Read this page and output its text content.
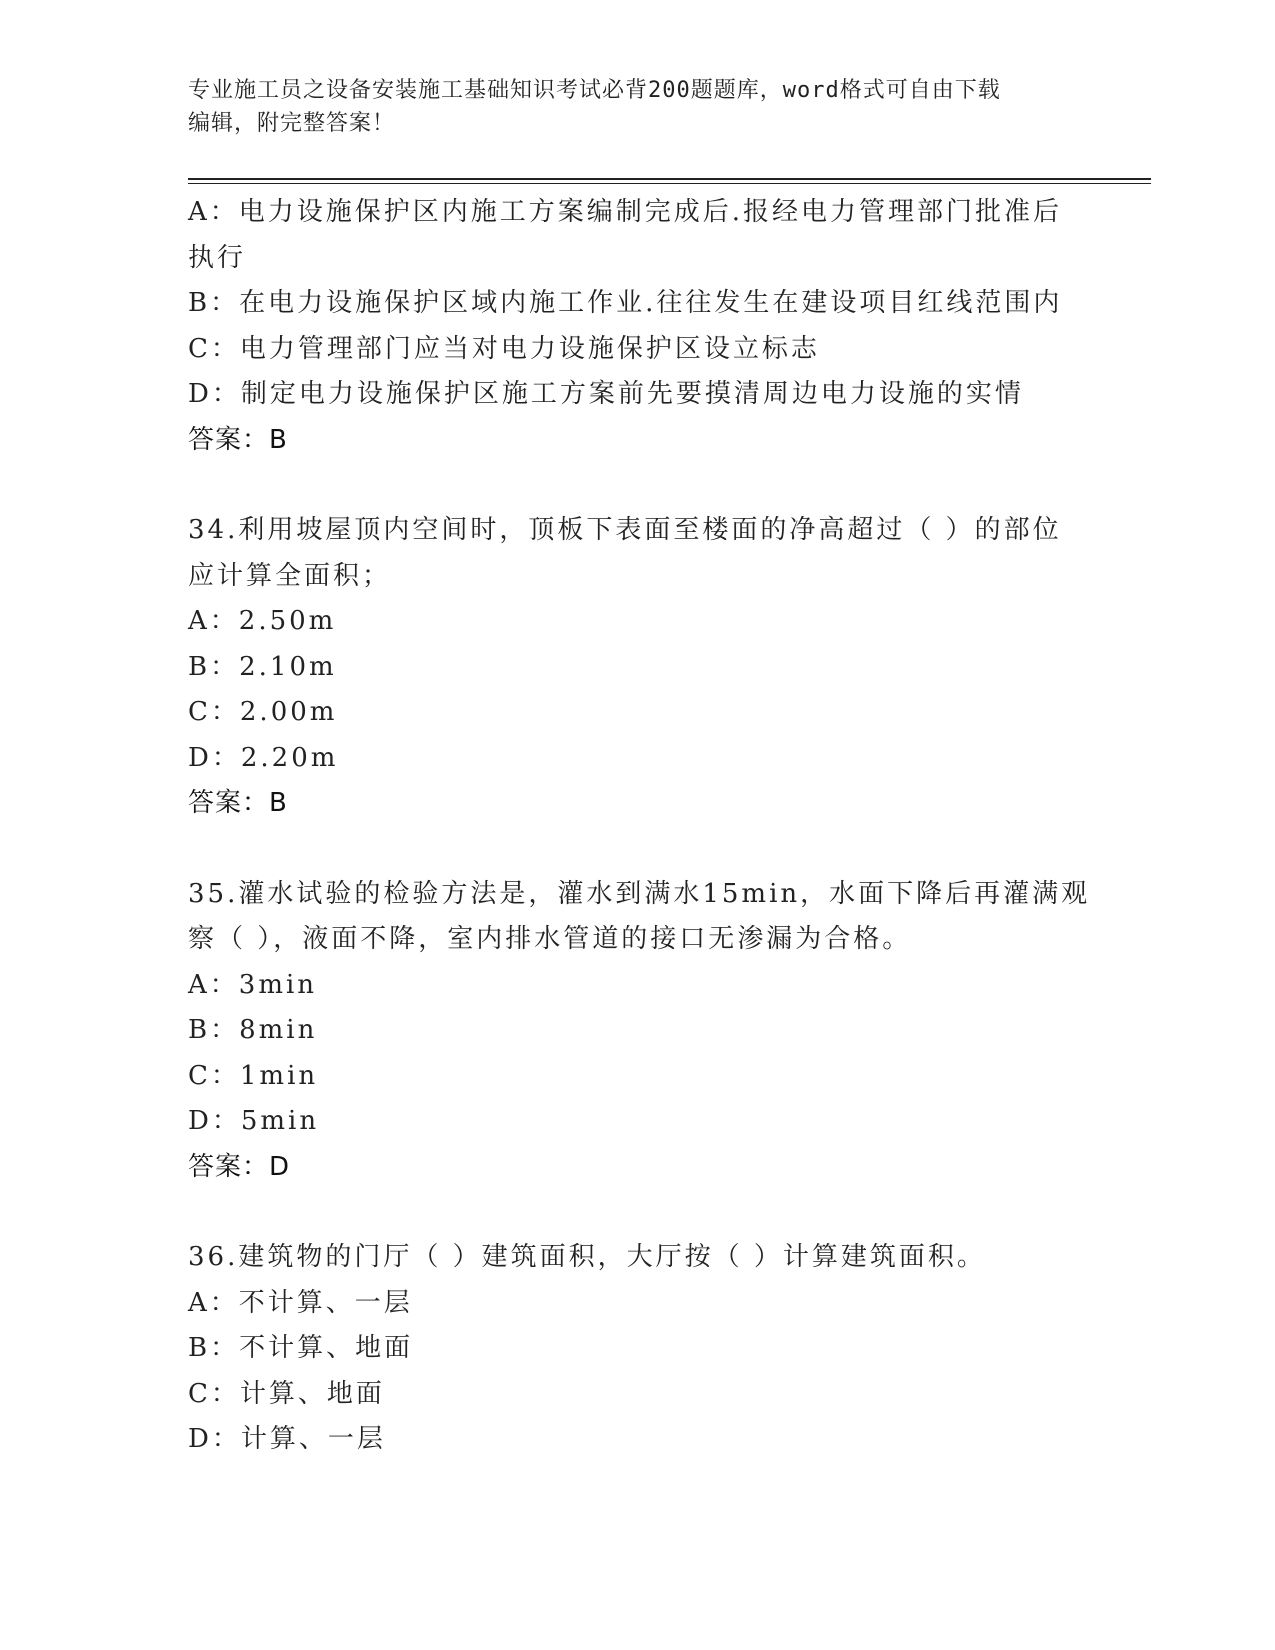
专业施工员之设备安装施工基础知识考试必背200题题库，word格式可自由下载
编辑，附完整答案！
A：电力设施保护区内施工方案编制完成后.报经电力管理部门批准后
执行
B：在电力设施保护区域内施工作业.往往发生在建设项目红线范围内
C：电力管理部门应当对电力设施保护区设立标志
D：制定电力设施保护区施工方案前先要摸清周边电力设施的实情
答案：B
34.利用坡屋顶内空间时，顶板下表面至楼面的净高超过（ ）的部位
应计算全面积；
A：2.50m
B：2.10m
C：2.00m
D：2.20m
答案：B
35.灌水试验的检验方法是，灌水到满水15min，水面下降后再灌满观
察（ ），液面不降，室内排水管道的接口无渗漏为合格。
A：3min
B：8min
C：1min
D：5min
答案：D
36.建筑物的门厅（ ）建筑面积，大厅按（ ）计算建筑面积。
A：不计算、一层
B：不计算、地面
C：计算、地面
D：计算、一层
